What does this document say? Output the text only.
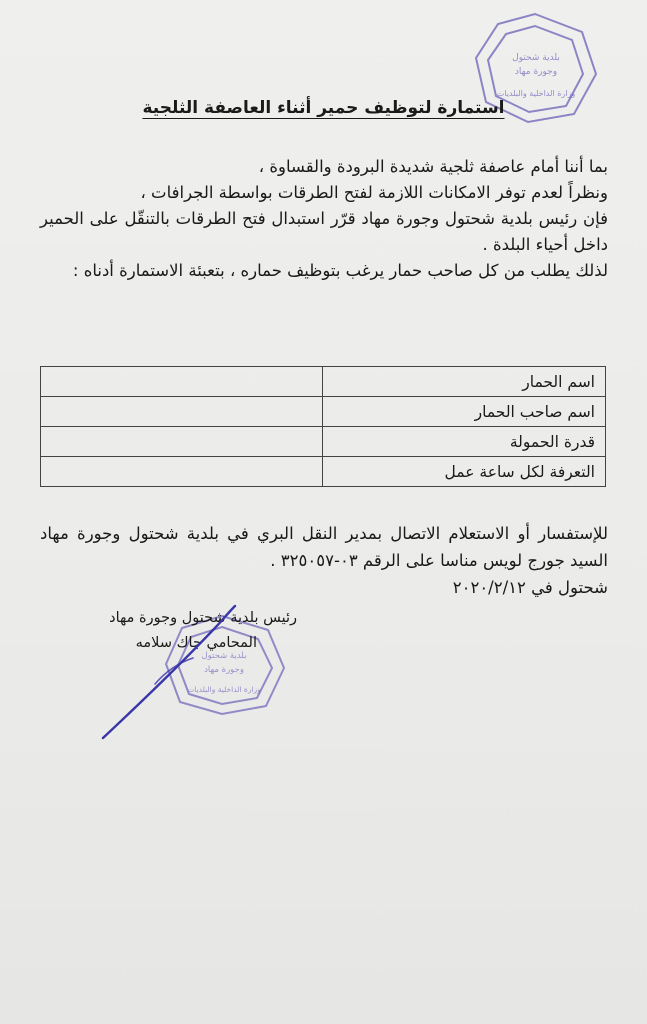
بلدية شحتول
وجورة مهاد
وزارة الداخلية والبلديات
استمارة لتوظيف حمير أثناء العاصفة الثلجية

بما أننا أمام عاصفة ثلجية شديدة البرودة والقساوة ،

ونظراً لعدم توفر الامكانات اللازمة لفتح الطرقات بواسطة الجرافات ،

فإن رئيس بلدية شحتول وجورة مهاد قرّر استبدال فتح الطرقات بالتنقّل على الحمير داخل أحياء البلدة .

لذلك يطلب من كل صاحب حمار يرغب بتوظيف حماره ، بتعبئة الاستمارة أدناه :

اسم الحمار	
اسم صاحب الحمار	
قدرة الحمولة	
التعرفة لكل ساعة عمل	

للإستفسار أو الاستعلام الاتصال بمدير النقل البري في بلدية شحتول وجورة مهاد السيد جورج لويس مناسا على الرقم ٠٣-٣٢٥٠٥٧ .

شحتول في ٢٠٢٠/٢/١٢

بلدية شحتول
وجورة مهاد
وزارة الداخلية والبلديات

رئيس بلدية شحتول وجورة مهاد

المحامي جاك سلامه
